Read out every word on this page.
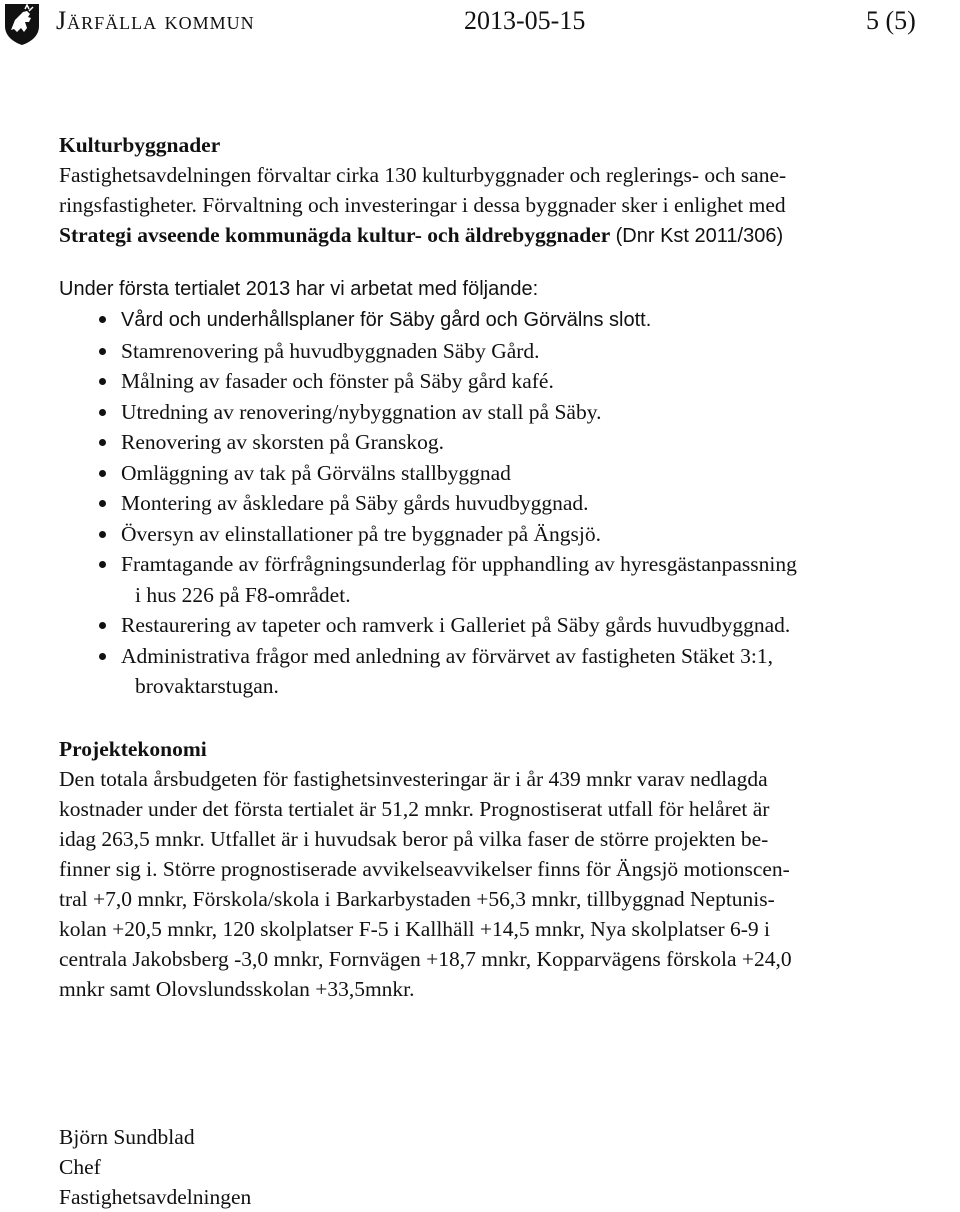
Järfälla kommun	2013-05-15	5 (5)
Kulturbyggnader

Fastighetsavdelningen förvaltar cirka 130 kulturbyggnader och reglerings- och sane-
ringsfastigheter. Förvaltning och investeringar i dessa byggnader sker i enlighet med

Strategi avseende kommunägda kultur- och äldrebyggnader (Dnr Kst 2011/306)

Under första tertialet 2013 har vi arbetat med följande:

Vård och underhållsplaner för Säby gård och Görvälns slott.
Stamrenovering på huvudbyggnaden Säby Gård.
Målning av fasader och fönster på Säby gård kafé.
Utredning av renovering/nybyggnation av stall på Säby.
Renovering av skorsten på Granskog.
Omläggning av tak på Görvälns stallbyggnad
Montering av åskledare på Säby gårds huvudbyggnad.
Översyn av elinstallationer på tre byggnader på Ängsjö.
Framtagande av förfrågningsunderlag för upphandling av hyresgästanpassning
i hus 226 på F8-området.
Restaurering av tapeter och ramverk i Galleriet på Säby gårds huvudbyggnad.
Administrativa frågor med anledning av förvärvet av fastigheten Stäket 3:1,
brovaktarstugan.
Projektekonomi

Den totala årsbudgeten för fastighetsinvesteringar är i år 439 mnkr varav nedlagda
kostnader under det första tertialet är 51,2 mnkr. Prognostiserat utfall för helåret är
idag 263,5 mnkr. Utfallet är i huvudsak beror på vilka faser de större projekten be-
finner sig i. Större prognostiserade avvikelseavvikelser finns för Ängsjö motionscen-
tral +7,0 mnkr, Förskola/skola i Barkarbystaden +56,3 mnkr, tillbyggnad Neptunis-
kolan +20,5 mnkr, 120 skolplatser F-5 i Kallhäll +14,5 mnkr, Nya skolplatser 6-9 i
centrala Jakobsberg -3,0 mnkr, Fornvägen +18,7 mnkr, Kopparvägens förskola +24,0
mnkr samt Olovslundsskolan +33,5mnkr.

Björn Sundblad
Chef
Fastighetsavdelningen
